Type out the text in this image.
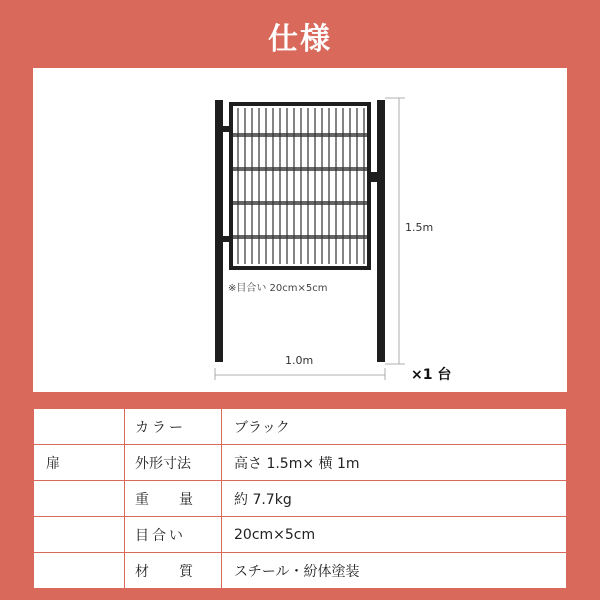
仕様
※目合い 20cm×5cm
1.5m
1.0m
×1 台
	カラー	ブラック
扉	外形寸法	高さ 1.5m× 横 1m
	重　量	約 7.7kg
	目合い	20cm×5cm
	材　質	スチール・紛体塗装
